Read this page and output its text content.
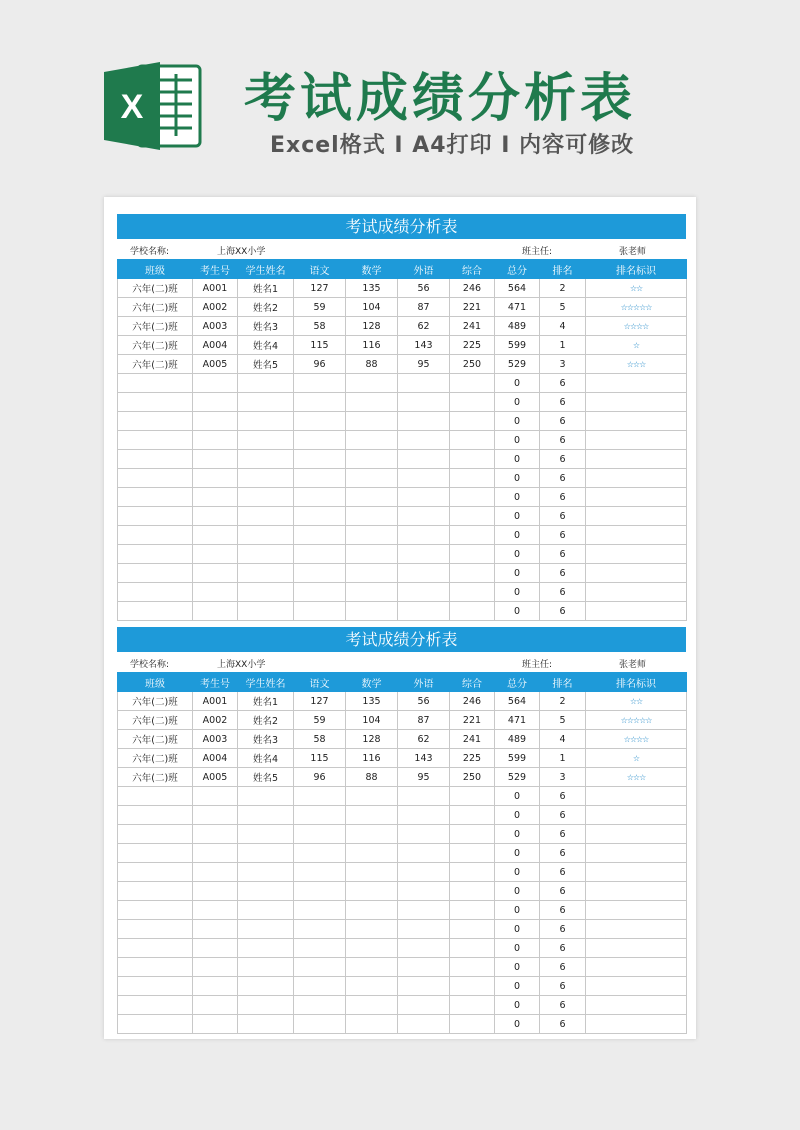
X 考试成绩分析表
Excel格式 I A4打印 I 内容可修改
考试成绩分析表
学校名称:	上海XX小学	班主任:	张老师
班级	考生号	学生姓名	语文	数学	外语	综合	总分	排名	排名标识
六年(二)班	A001	姓名1	127	135	56	246	564	2	☆☆
六年(二)班	A002	姓名2	59	104	87	221	471	5	☆☆☆☆☆
六年(二)班	A003	姓名3	58	128	62	241	489	4	☆☆☆☆
六年(二)班	A004	姓名4	115	116	143	225	599	1	☆
六年(二)班	A005	姓名5	96	88	95	250	529	3	☆☆☆
							0	6	
							0	6	
							0	6	
							0	6	
							0	6	
							0	6	
							0	6	
							0	6	
							0	6	
							0	6	
							0	6	
							0	6	
							0	6	
考试成绩分析表
学校名称:	上海XX小学	班主任:	张老师
班级	考生号	学生姓名	语文	数学	外语	综合	总分	排名	排名标识
六年(二)班	A001	姓名1	127	135	56	246	564	2	☆☆
六年(二)班	A002	姓名2	59	104	87	221	471	5	☆☆☆☆☆
六年(二)班	A003	姓名3	58	128	62	241	489	4	☆☆☆☆
六年(二)班	A004	姓名4	115	116	143	225	599	1	☆
六年(二)班	A005	姓名5	96	88	95	250	529	3	☆☆☆
							0	6	
							0	6	
							0	6	
							0	6	
							0	6	
							0	6	
							0	6	
							0	6	
							0	6	
							0	6	
							0	6	
							0	6	
							0	6	
